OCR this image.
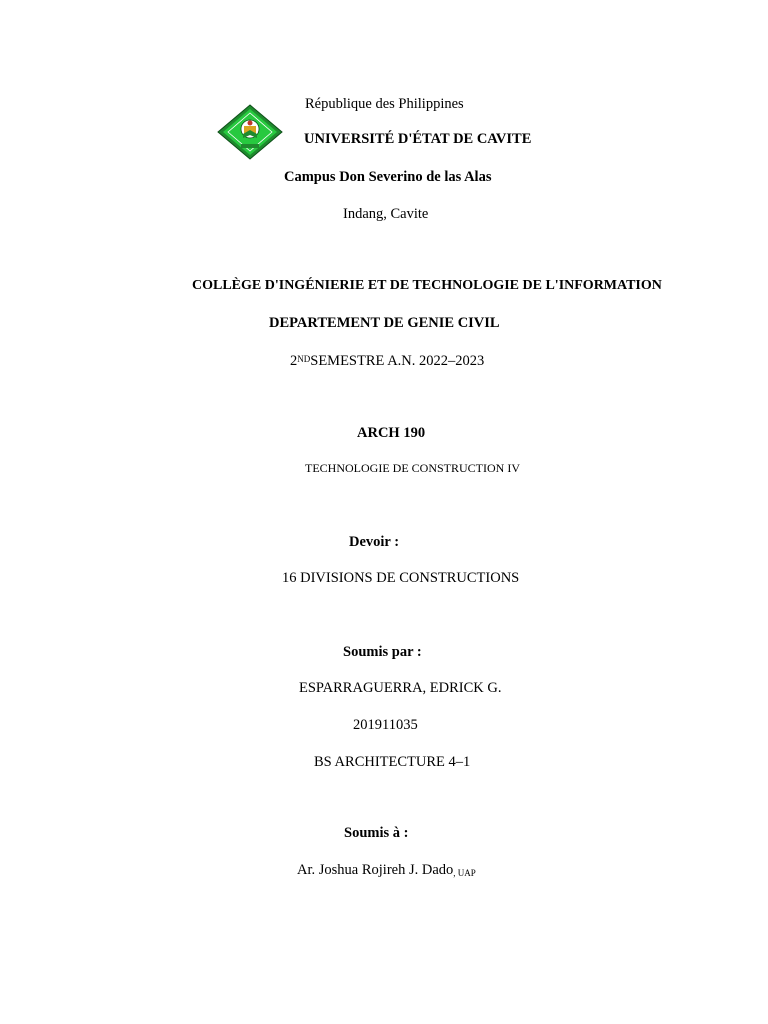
République des Philippines
UNIVERSITÉ D'ÉTAT DE CAVITE
Campus Don Severino de las Alas
Indang, Cavite
COLLÈGE D'INGÉNIERIE ET DE TECHNOLOGIE DE L'INFORMATION
DEPARTEMENT DE GENIE CIVIL
2NDSEMESTRE A.N. 2022–2023
ARCH 190
TECHNOLOGIE DE CONSTRUCTION IV
Devoir :
16 DIVISIONS DE CONSTRUCTIONS
Soumis par :
ESPARRAGUERRA, EDRICK G.
201911035
BS ARCHITECTURE 4–1
Soumis à :
Ar. Joshua Rojireh J. Dado$_{, UAP}$
